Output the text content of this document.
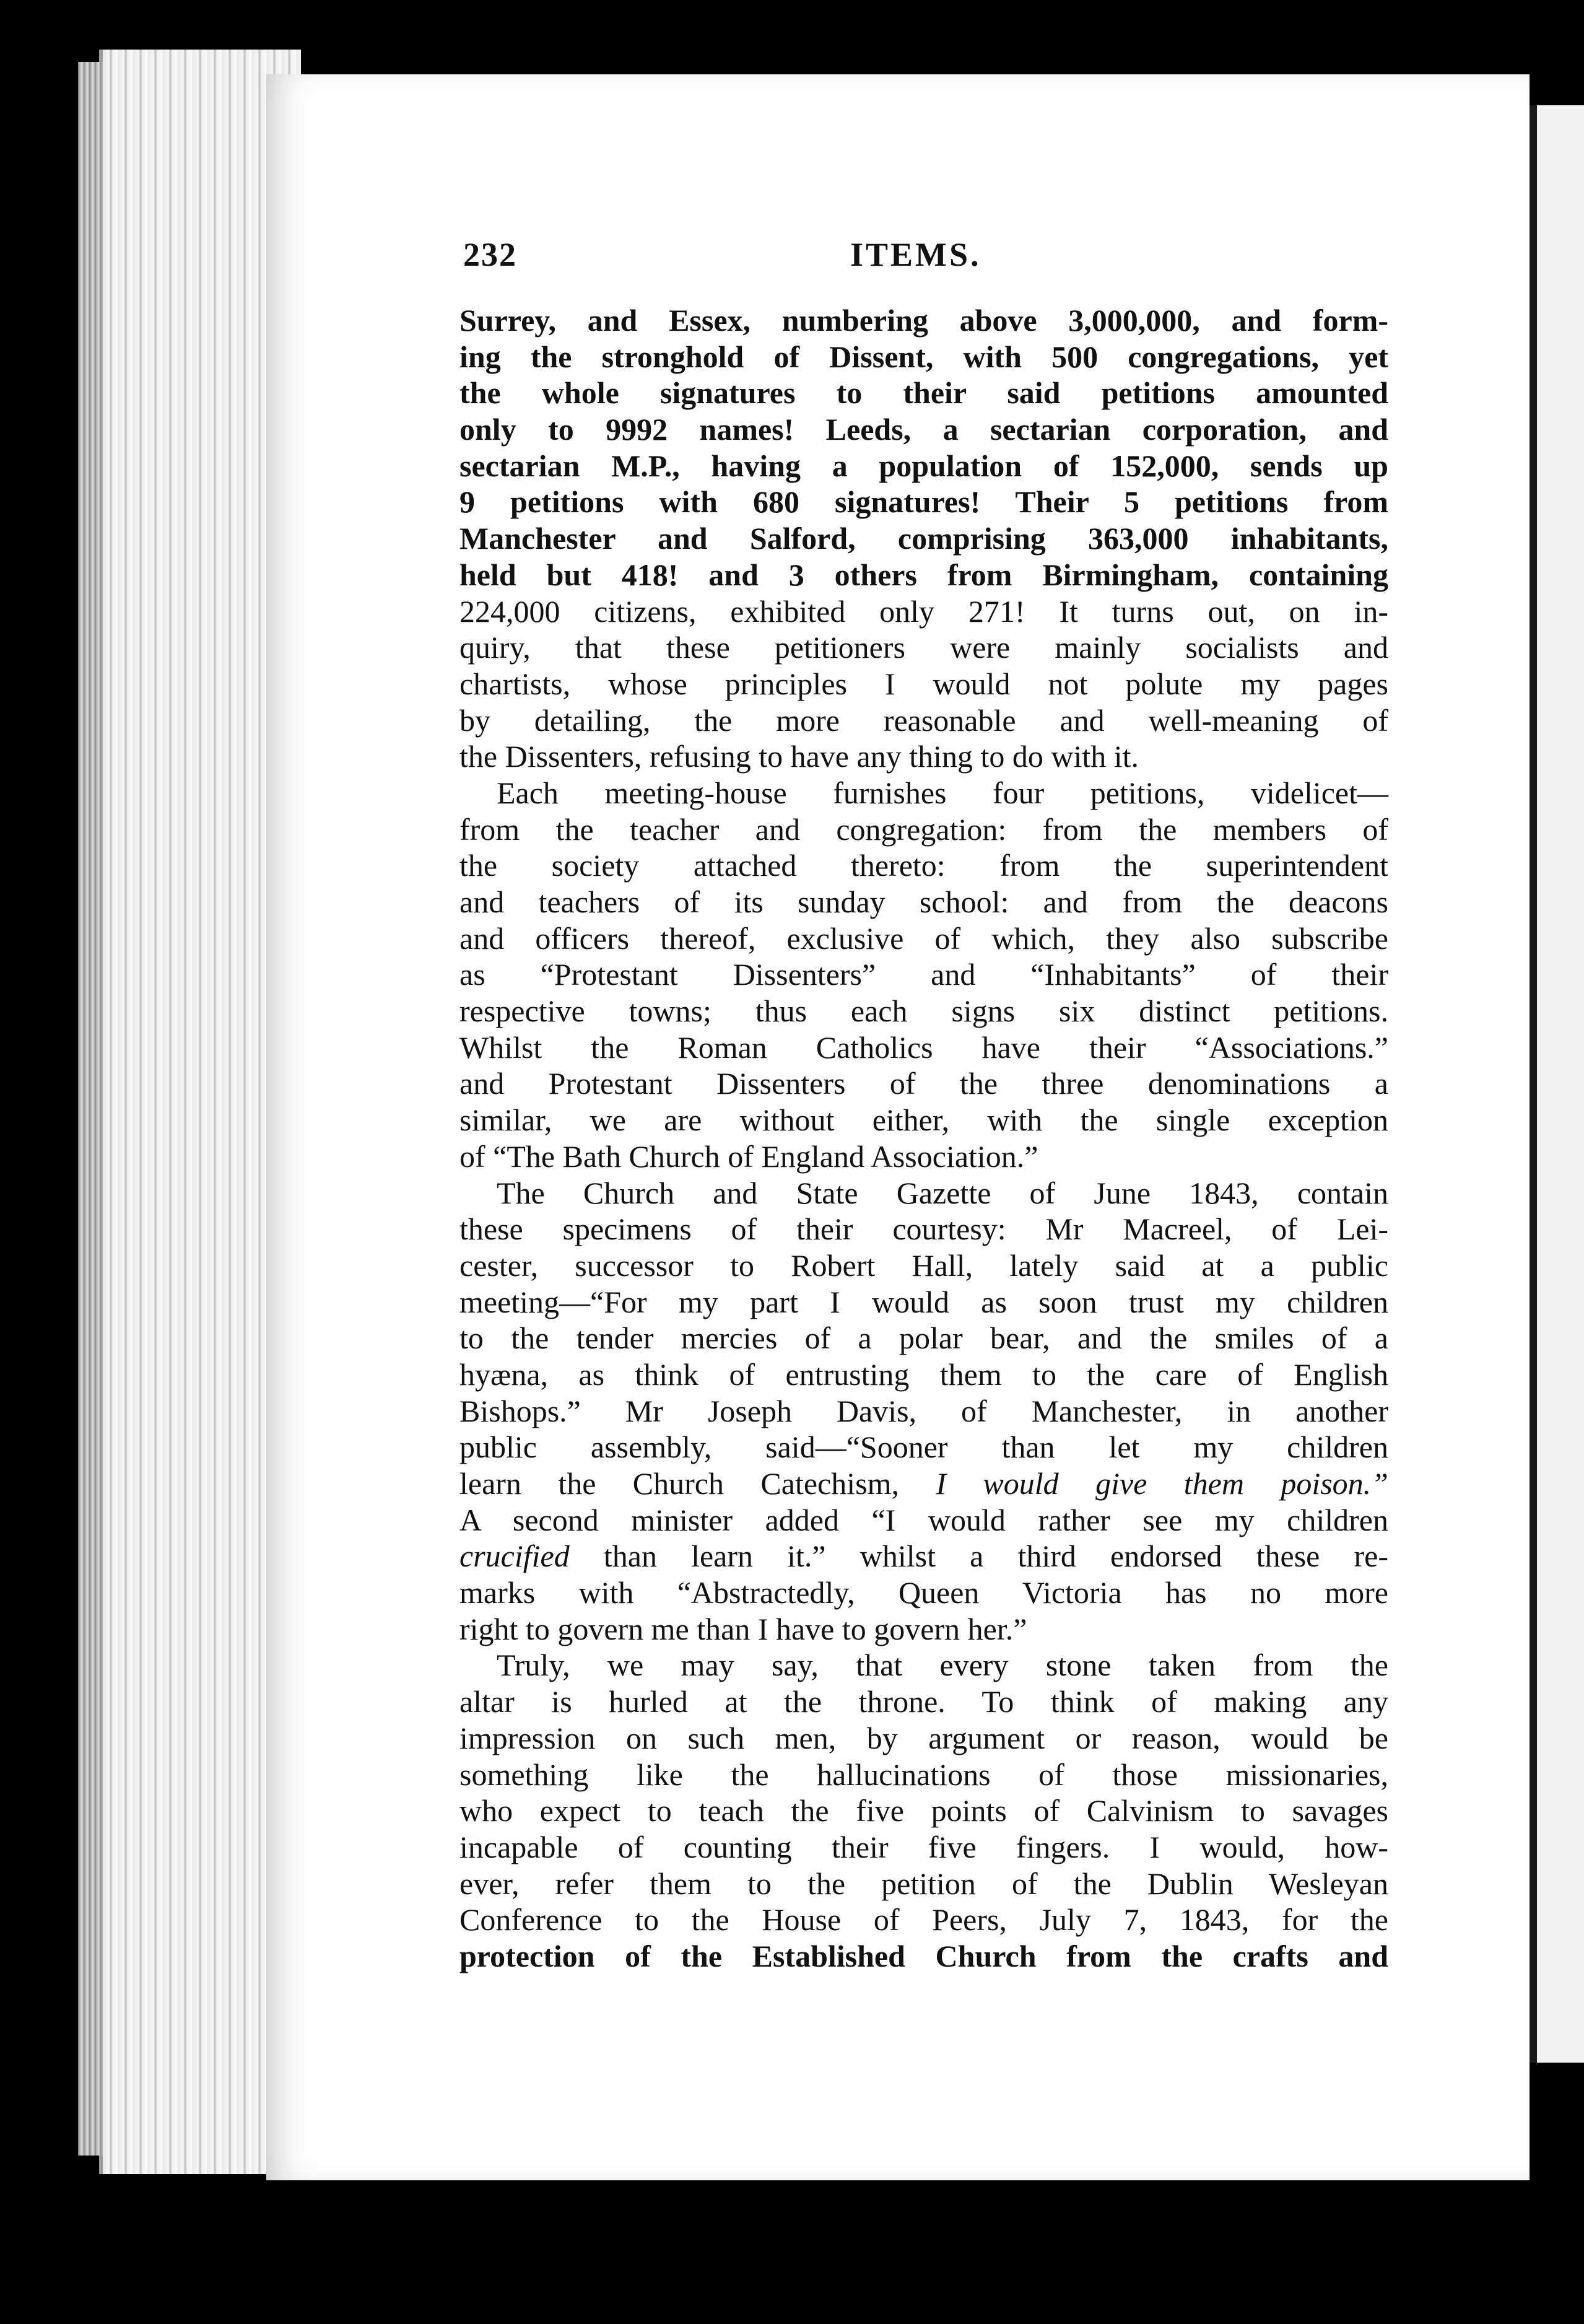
232	ITEMS.
Surrey, and Essex, numbering above 3,000,000, and form-
ing the stronghold of Dissent, with 500 congregations, yet
the whole signatures to their said petitions amounted
only to 9992 names! Leeds, a sectarian corporation, and
sectarian M.P., having a population of 152,000, sends up
9 petitions with 680 signatures! Their 5 petitions from
Manchester and Salford, comprising 363,000 inhabitants,
held but 418! and 3 others from Birmingham, containing
224,000 citizens, exhibited only 271! It turns out, on in-
quiry, that these petitioners were mainly socialists and
chartists, whose principles I would not polute my pages
by detailing, the more reasonable and well-meaning of
the Dissenters, refusing to have any thing to do with it.
Each meeting-house furnishes four petitions, videlicet—
from the teacher and congregation: from the members of
the society attached thereto: from the superintendent
and teachers of its sunday school: and from the deacons
and officers thereof, exclusive of which, they also subscribe
as “Protestant Dissenters” and “Inhabitants” of their
respective towns; thus each signs six distinct petitions.
Whilst the Roman Catholics have their “Associations.”
and Protestant Dissenters of the three denominations a
similar, we are without either, with the single exception
of “The Bath Church of England Association.”
The Church and State Gazette of June 1843, contain
these specimens of their courtesy: Mr Macreel, of Lei-
cester, successor to Robert Hall, lately said at a public
meeting—“For my part I would as soon trust my children
to the tender mercies of a polar bear, and the smiles of a
hyæna, as think of entrusting them to the care of English
Bishops.” Mr Joseph Davis, of Manchester, in another
public assembly, said—“Sooner than let my children
learn the Church Catechism, I would give them poison.”
A second minister added “I would rather see my children
crucified than learn it.” whilst a third endorsed these re-
marks with “Abstractedly, Queen Victoria has no more
right to govern me than I have to govern her.”
Truly, we may say, that every stone taken from the
altar is hurled at the throne. To think of making any
impression on such men, by argument or reason, would be
something like the hallucinations of those missionaries,
who expect to teach the five points of Calvinism to savages
incapable of counting their five fingers. I would, how-
ever, refer them to the petition of the Dublin Wesleyan
Conference to the House of Peers, July 7, 1843, for the
protection of the Established Church from the crafts and
